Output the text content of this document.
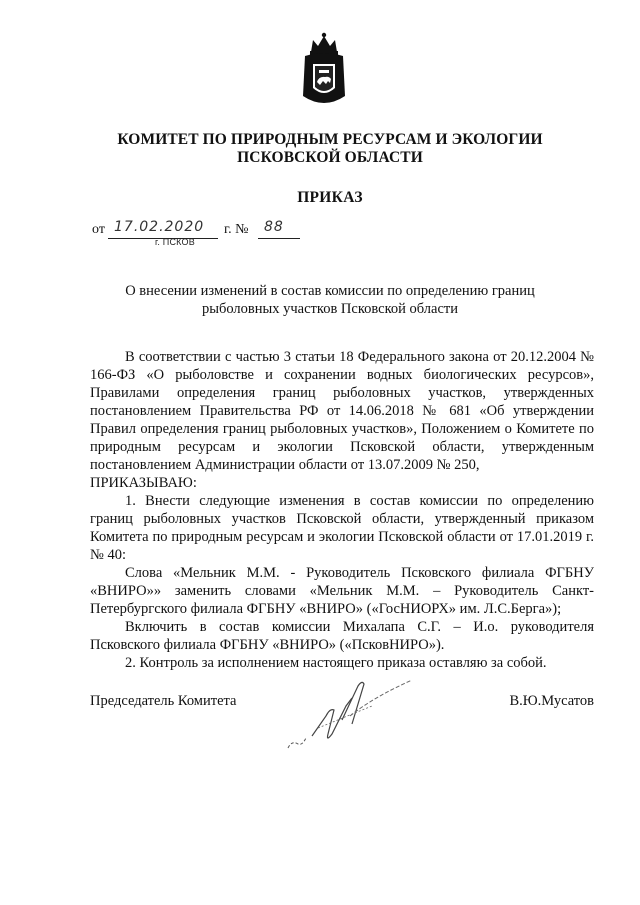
КОМИТЕТ ПО ПРИРОДНЫМ РЕСУРСАМ И ЭКОЛОГИИ
ПСКОВСКОЙ ОБЛАСТИ
ПРИКАЗ
от 17.02.2020 г. № 88
г. ПСКОВ
О внесении изменений в состав комиссии по определению границ
рыболовных участков Псковской области

В соответствии с частью 3 статьи 18 Федерального закона от 20.12.2004 № 166-ФЗ «О рыболовстве и сохранении водных биологических ресурсов», Правилами определения границ рыболовных участков, утвержденных постановлением Правительства РФ от 14.06.2018 № 681 «Об утверждении Правил определения границ рыболовных участков», Положением о Комитете по природным ресурсам и экологии Псковской области, утвержденным постановлением Администрации области от 13.07.2009 № 250,

ПРИКАЗЫВАЮ:

1. Внести следующие изменения в состав комиссии по определению границ рыболовных участков Псковской области, утвержденный приказом Комитета по природным ресурсам и экологии Псковской области от 17.01.2019 г. № 40:

Слова «Мельник М.М. - Руководитель Псковского филиала ФГБНУ «ВНИРО»» заменить словами «Мельник М.М. – Руководитель Санкт-Петербургского филиала ФГБНУ «ВНИРО» («ГосНИОРХ» им. Л.С.Берга»);

Включить в состав комиссии Михалапа С.Г. – И.о. руководителя Псковского филиала ФГБНУ «ВНИРО» («ПсковНИРО»).

2. Контроль за исполнением настоящего приказа оставляю за собой.

Председатель Комитета	В.Ю.Мусатов
